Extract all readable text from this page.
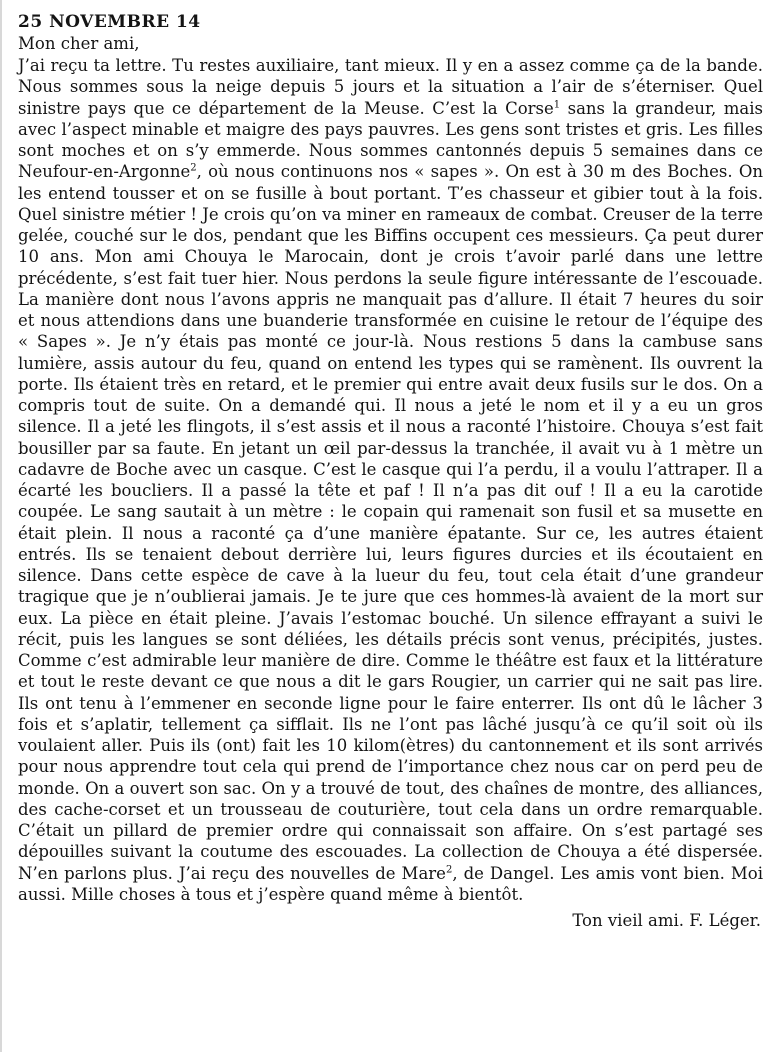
25 NOVEMBRE 14
Mon cher ami,
J’ai reçu ta lettre. Tu restes auxiliaire, tant mieux. Il y en a assez comme ça de la bande. Nous sommes sous la neige depuis 5 jours et la situation a l’air de s’éterniser. Quel sinistre pays que ce département de la Meuse. C’est la Corse$^1$ sans la grandeur, mais avec l’aspect minable et maigre des pays pauvres. Les gens sont tristes et gris. Les filles sont moches et on s’y emmerde. Nous sommes cantonnés depuis 5 semaines dans ce Neufour-en-Argonne$^2$, où nous continuons nos « sapes ». On est à 30 m des Boches. On les entend tousser et on se fusille à bout portant. T’es chasseur et gibier tout à la fois. Quel sinistre métier ! Je crois qu’on va miner en rameaux de combat. Creuser de la terre gelée, couché sur le dos, pendant que les Biffins occupent ces messieurs. Ça peut durer 10 ans. Mon ami Chouya le Marocain, dont je crois t’avoir parlé dans une lettre précédente, s’est fait tuer hier. Nous perdons la seule figure intéressante de l’escouade. La manière dont nous l’avons appris ne manquait pas d’allure. Il était 7 heures du soir et nous attendions dans une buanderie transformée en cuisine le retour de l’équipe des « Sapes ». Je n’y étais pas monté ce jour-là. Nous restions 5 dans la cambuse sans lumière, assis autour du feu, quand on entend les types qui se ramènent. Ils ouvrent la porte. Ils étaient très en retard, et le premier qui entre avait deux fusils sur le dos. On a compris tout de suite. On a demandé qui. Il nous a jeté le nom et il y a eu un gros silence. Il a jeté les flingots, il s’est assis et il nous a raconté l’histoire. Chouya s’est fait bousiller par sa faute. En jetant un œil par-dessus la tranchée, il avait vu à 1 mètre un cadavre de Boche avec un casque. C’est le casque qui l’a perdu, il a voulu l’attraper. Il a écarté les boucliers. Il a passé la tête et paf ! Il n’a pas dit ouf ! Il a eu la carotide coupée. Le sang sautait à un mètre : le copain qui ramenait son fusil et sa musette en était plein. Il nous a raconté ça d’une manière épatante. Sur ce, les autres étaient entrés. Ils se tenaient debout derrière lui, leurs figures durcies et ils écoutaient en silence. Dans cette espèce de cave à la lueur du feu, tout cela était d’une grandeur tragique que je n’oublierai jamais. Je te jure que ces hommes-là avaient de la mort sur eux. La pièce en était pleine. J’avais l’estomac bouché. Un silence effrayant a suivi le récit, puis les langues se sont déliées, les détails précis sont venus, précipités, justes. Comme c’est admirable leur manière de dire. Comme le théâtre est faux et la littérature et tout le reste devant ce que nous a dit le gars Rougier, un carrier qui ne sait pas lire. Ils ont tenu à l’emmener en seconde ligne pour le faire enterrer. Ils ont dû le lâcher 3 fois et s’aplatir, tellement ça sifflait. Ils ne l’ont pas lâché jusqu’à ce qu’il soit où ils voulaient aller. Puis ils (ont) fait les 10 kilom(ètres) du cantonnement et ils sont arrivés pour nous apprendre tout cela qui prend de l’importance chez nous car on perd peu de monde. On a ouvert son sac. On y a trouvé de tout, des chaînes de montre, des alliances, des cache-corset et un trousseau de couturière, tout cela dans un ordre remarquable. C’était un pillard de premier ordre qui connaissait son affaire. On s’est partagé ses dépouilles suivant la coutume des escouades. La collection de Chouya a été dispersée. N’en parlons plus. J’ai reçu des nouvelles de Mare$^2$, de Dangel. Les amis vont bien. Moi aussi. Mille choses à tous et j’espère quand même à bientôt.
Ton vieil ami. F. Léger.
